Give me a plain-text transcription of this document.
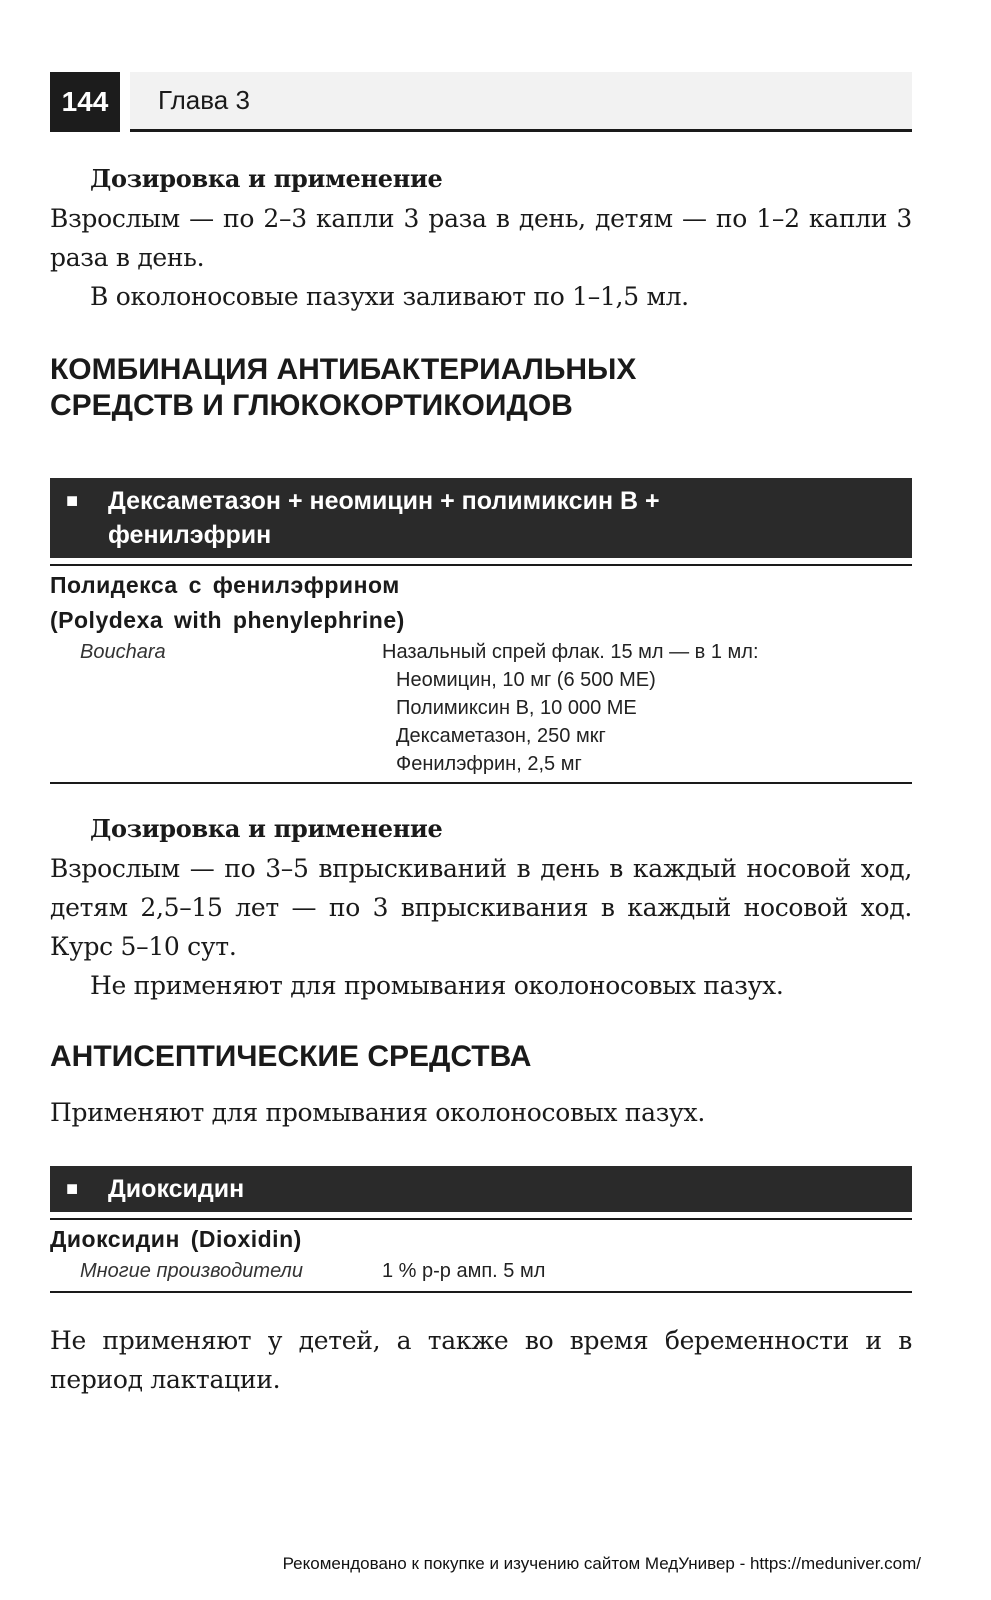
144	Глава 3
Дозировка и применение

Взрослым — по 2–3 капли 3 раза в день, детям — по 1–2 капли 3 раза в день.

В околоносовые пазухи заливают по 1–1,5 мл.

КОМБИНАЦИЯ АНТИБАКТЕРИАЛЬНЫХ
СРЕДСТВ И ГЛЮКОКОРТИКОИДОВ
■	Дексаметазон + неомицин + полимиксин В +
фенилэфрин
Полидекса с фенилэфрином
(Polydexa with phenylephrine)
Bouchara	Назальный спрей флак. 15 мл — в 1 мл:
Неомицин, 10 мг (6 500 МЕ)
Полимиксин В, 10 000 МЕ
Дексаметазон, 250 мкг
Фенилэфрин, 2,5 мг
Дозировка и применение

Взрослым — по 3–5 впрыскиваний в день в каждый носовой ход, детям 2,5–15 лет — по 3 впрыскивания в каждый носовой ход. Курс 5–10 сут.

Не применяют для промывания околоносовых пазух.

АНТИСЕПТИЧЕСКИЕ СРЕДСТВА

Применяют для промывания околоносовых пазух.

■	Диоксидин
Диоксидин (Dioxidin)
Многие производители	1 % р-р амп. 5 мл

Не применяют у детей, а также во время беременности и в период лактации.

Рекомендовано к покупке и изучению сайтом МедУнивер - https://meduniver.com/
